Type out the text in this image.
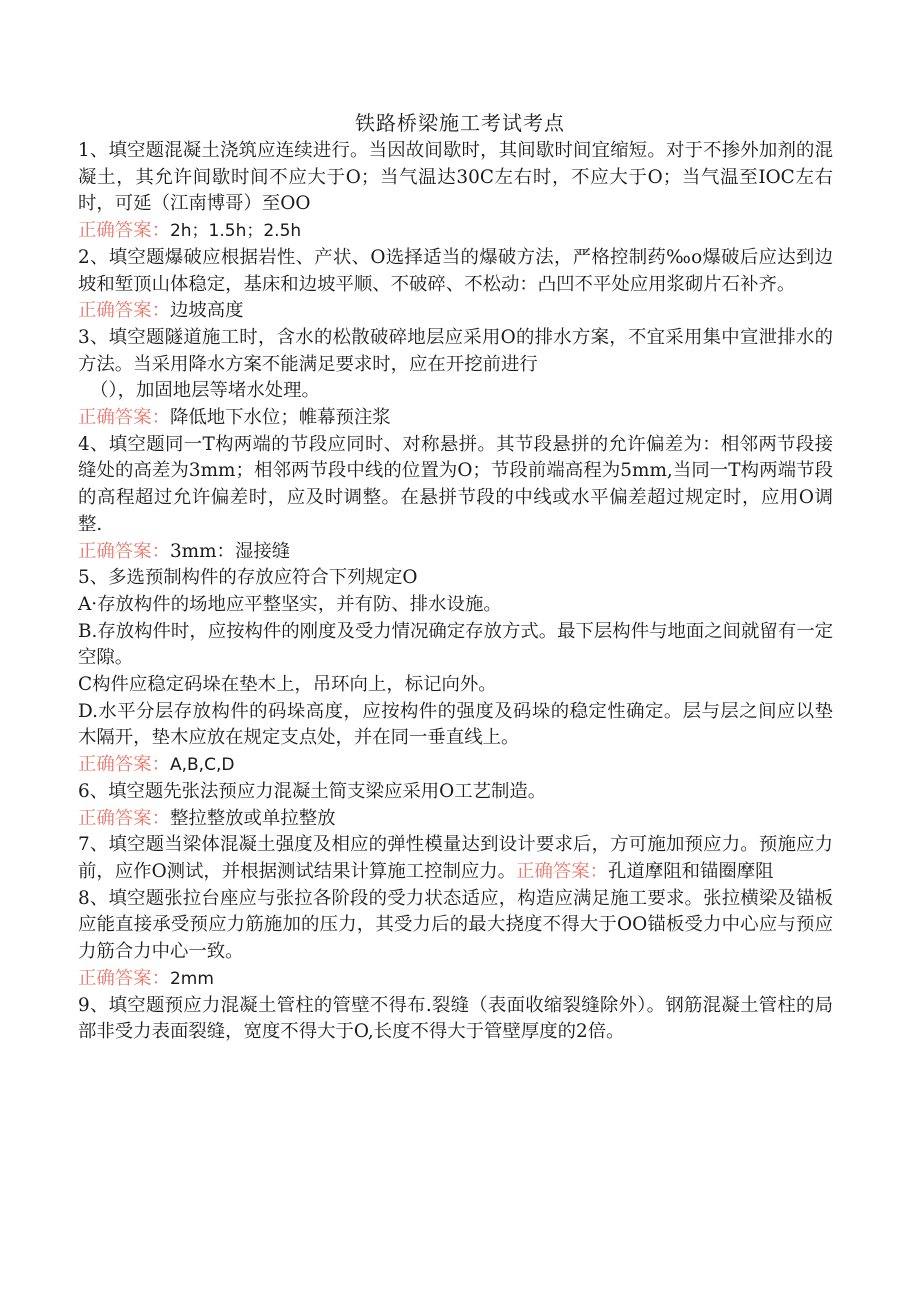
铁路桥梁施工考试考点

1、填空题混凝土浇筑应连续进行。当因故间歇时，其间歇时间宜缩短。对于不掺外加剂的混凝土，其允许间歇时间不应大于O；当气温达30C左右时，不应大于O；当气温至IOC左右时，可延（江南博哥）至OO

正确答案：2h；1.5h；2.5h

2、填空题爆破应根据岩性、产状、O选择适当的爆破方法，严格控制药‰o爆破后应达到边坡和堑顶山体稳定，基床和边坡平顺、不破碎、不松动：凸凹不平处应用浆砌片石补齐。

正确答案：边坡高度

3、填空题隧道施工时，含水的松散破碎地层应采用O的排水方案，不宜采用集中宣泄排水的方法。当采用降水方案不能满足要求时，应在开挖前进行

（），加固地层等堵水处理。

正确答案：降低地下水位；帷幕预注浆

4、填空题同一T构两端的节段应同时、对称悬拼。其节段悬拼的允许偏差为：相邻两节段接缝处的高差为3mm；相邻两节段中线的位置为O；节段前端高程为5mm,当同一T构两端节段的高程超过允许偏差时，应及时调整。在悬拼节段的中线或水平偏差超过规定时，应用O调整.

正确答案：3mm：湿接缝

5、多选预制构件的存放应符合下列规定O

A·存放构件的场地应平整坚实，并有防、排水设施。

B.存放构件时，应按构件的刚度及受力情况确定存放方式。最下层构件与地面之间就留有一定空隙。

C构件应稳定码垛在垫木上，吊环向上，标记向外。

D.水平分层存放构件的码垛高度，应按构件的强度及码垛的稳定性确定。层与层之间应以垫木隔开，垫木应放在规定支点处，并在同一垂直线上。

正确答案：A,B,C,D

6、填空题先张法预应力混凝土简支梁应采用O工艺制造。

正确答案：整拉整放或单拉整放

7、填空题当梁体混凝土强度及相应的弹性模量达到设计要求后，方可施加预应力。预施应力前，应作O测试，并根据测试结果计算施工控制应力。正确答案：孔道摩阻和锚圈摩阻

8、填空题张拉台座应与张拉各阶段的受力状态适应，构造应满足施工要求。张拉横梁及锚板应能直接承受预应力筋施加的压力，其受力后的最大挠度不得大于OO锚板受力中心应与预应力筋合力中心一致。

正确答案：2mm

9、填空题预应力混凝土管柱的管壁不得布.裂缝（表面收缩裂缝除外）。钢筋混凝土管柱的局部非受力表面裂缝，宽度不得大于O,长度不得大于管壁厚度的2倍。
